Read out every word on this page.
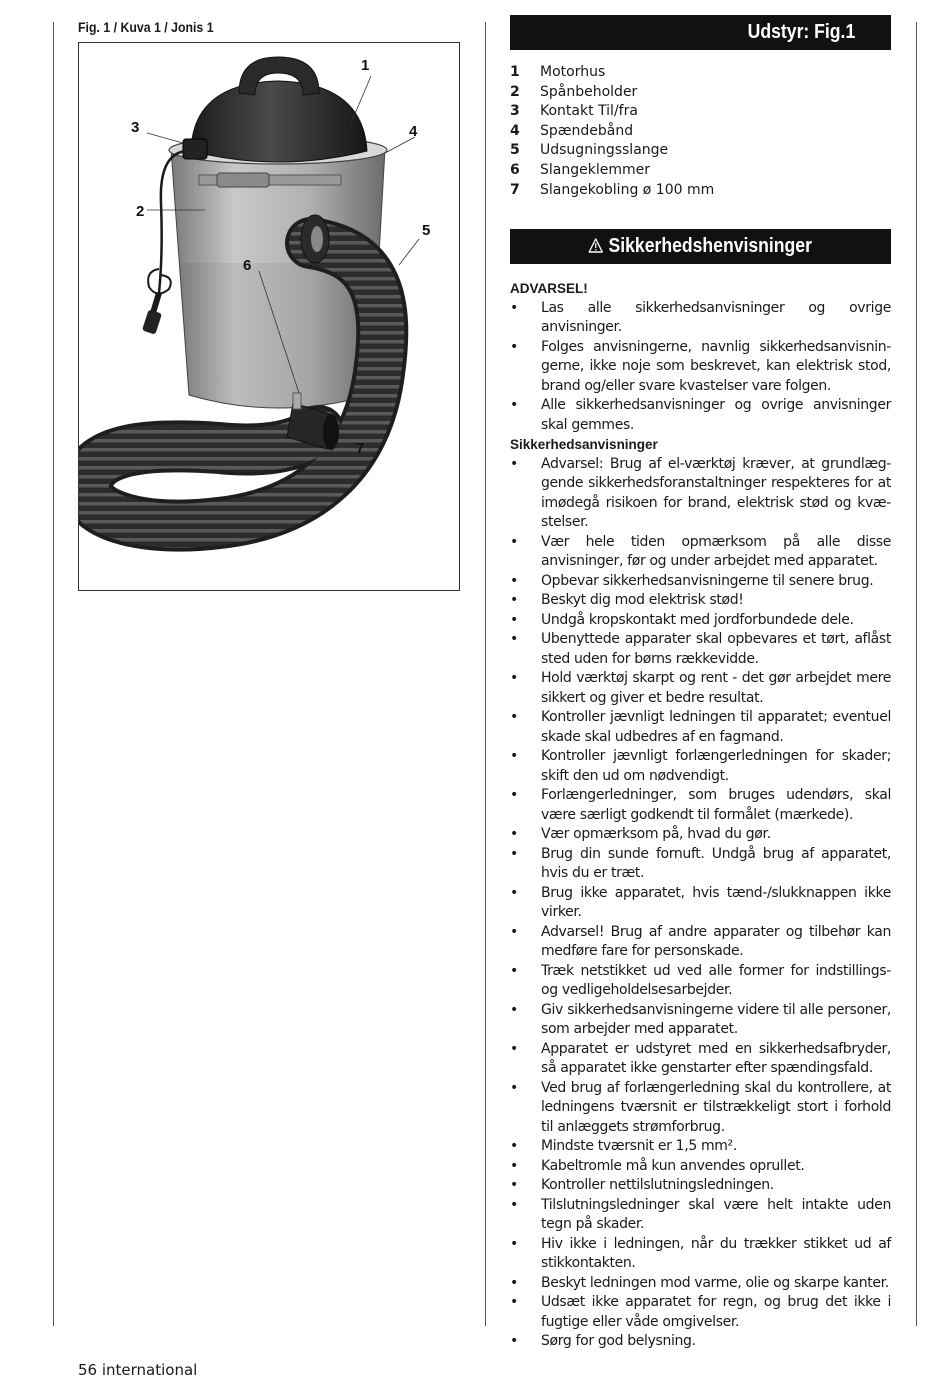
Fig. 1 / Kuva 1 / Jonis 1
1
2
3	4
5
6
7
Udstyr: Fig.1
1 Motorhus
2 Spånbeholder
3 Kontakt Til/fra
4 Spændebånd
5 Udsugningsslange
6 Slangeklemmer
7 Slangekobling ø 100 mm
Sikkerhedshenvisninger
ADVARSEL!
• Las alle sikkerhedsanvisninger og ovrige anvisninger.
• Folges anvisningerne, navnlig sikkerhedsanvisnin-gerne, ikke noje som beskrevet, kan elektrisk stod, brand og/eller svare kvastelser vare folgen.
• Alle sikkerhedsanvisninger og ovrige anvisninger skal gemmes.
Sikkerhedsanvisninger
• Advarsel: Brug af el-værktøj kræver, at grundlæg-gende sikkerhedsforanstaltninger respekteres for at imødegå risikoen for brand, elektrisk stød og kvæ-stelser.
• Vær hele tiden opmærksom på alle disse anvisninger, før og under arbejdet med apparatet.
• Opbevar sikkerhedsanvisningerne til senere brug.
• Beskyt dig mod elektrisk stød!
• Undgå kropskontakt med jordforbundede dele.
• Ubenyttede apparater skal opbevares et tørt, aflåst sted uden for børns rækkevidde.
• Hold værktøj skarpt og rent - det gør arbejdet mere sikkert og giver et bedre resultat.
• Kontroller jævnligt ledningen til apparatet; eventuel skade skal udbedres af en fagmand.
• Kontroller jævnligt forlængerledningen for skader; skift den ud om nødvendigt.
• Forlængerledninger, som bruges udendørs, skal være særligt godkendt til formålet (mærkede).
• Vær opmærksom på, hvad du gør.
• Brug din sunde fornuft. Undgå brug af apparatet, hvis du er træt.
• Brug ikke apparatet, hvis tænd-/slukknappen ikke virker.
• Advarsel! Brug af andre apparater og tilbehør kan medføre fare for personskade.
• Træk netstikket ud ved alle former for indstillings- og vedligeholdelsesarbejder.
• Giv sikkerhedsanvisningerne videre til alle personer, som arbejder med apparatet.
• Apparatet er udstyret med en sikkerhedsafbryder, så apparatet ikke genstarter efter spændingsfald.
• Ved brug af forlængerledning skal du kontrollere, at ledningens tværsnit er tilstrækkeligt stort i forhold til anlæggets strømforbrug.
• Mindste tværsnit er 1,5 mm².
• Kabeltromle må kun anvendes oprullet.
• Kontroller nettilslutningsledningen.
• Tilslutningsledninger skal være helt intakte uden tegn på skader.
• Hiv ikke i ledningen, når du trækker stikket ud af stikkontakten.
• Beskyt ledningen mod varme, olie og skarpe kanter.
• Udsæt ikke apparatet for regn, og brug det ikke i fugtige eller våde omgivelser.
• Sørg for god belysning.
56 international
